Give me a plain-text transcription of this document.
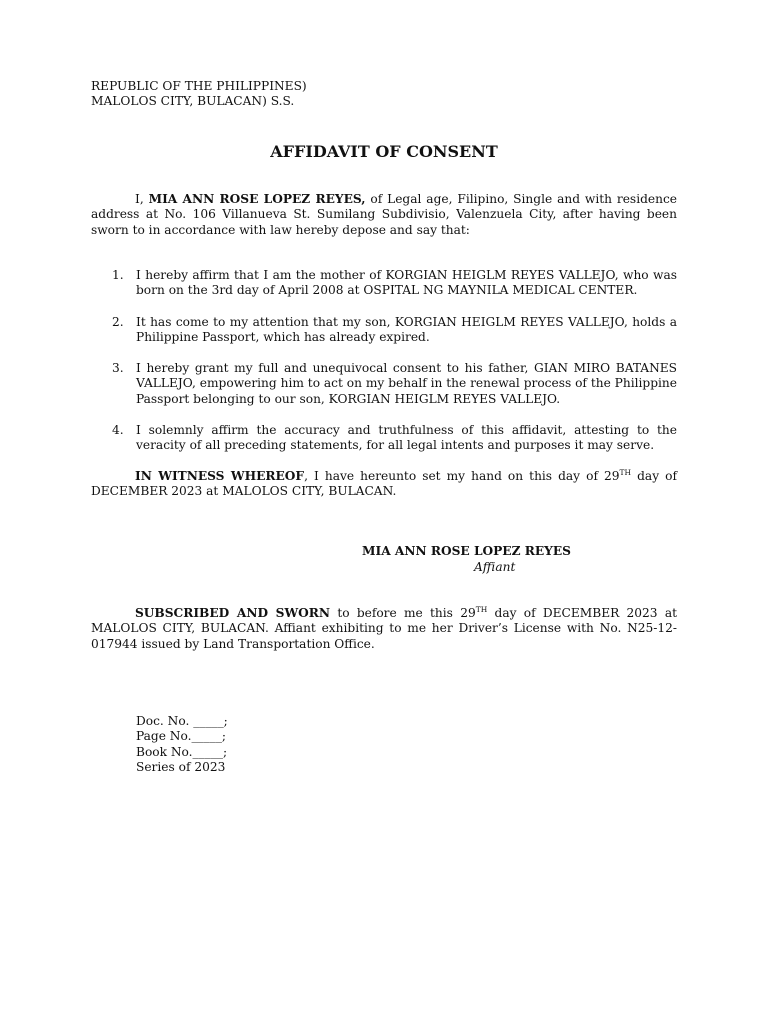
REPUBLIC OF THE PHILIPPINES)
MALOLOS CITY, BULACAN) S.S.
AFFIDAVIT OF CONSENT

I, MIA ANN ROSE LOPEZ REYES, of Legal age, Filipino, Single and with residence address at No. 106 Villanueva St. Sumilang Subdivisio, Valenzuela City, after having been sworn to in accordance with law hereby depose and say that:

1.	I hereby affirm that I am the mother of KORGIAN HEIGLM REYES VALLEJO, who was born on the 3rd day of April 2008 at OSPITAL NG MAYNILA MEDICAL CENTER.
2.	It has come to my attention that my son, KORGIAN HEIGLM REYES VALLEJO, holds a Philippine Passport, which has already expired.
3.	I hereby grant my full and unequivocal consent to his father, GIAN MIRO BATANES VALLEJO, empowering him to act on my behalf in the renewal process of the Philippine Passport belonging to our son, KORGIAN HEIGLM REYES VALLEJO.
4.	I solemnly affirm the accuracy and truthfulness of this affidavit, attesting to the veracity of all preceding statements, for all legal intents and purposes it may serve.

IN WITNESS WHEREOF, I have hereunto set my hand on this day of 29TH day of DECEMBER 2023 at MALOLOS CITY, BULACAN.

MIA ANN ROSE LOPEZ REYES
Affiant

SUBSCRIBED AND SWORN to before me this 29TH day of DECEMBER 2023 at MALOLOS CITY, BULACAN. Affiant exhibiting to me her Driver’s License with No. N25-12-017944 issued by Land Transportation Office.

Doc. No. _____;
Page No._____;
Book No._____;
Series of 2023
